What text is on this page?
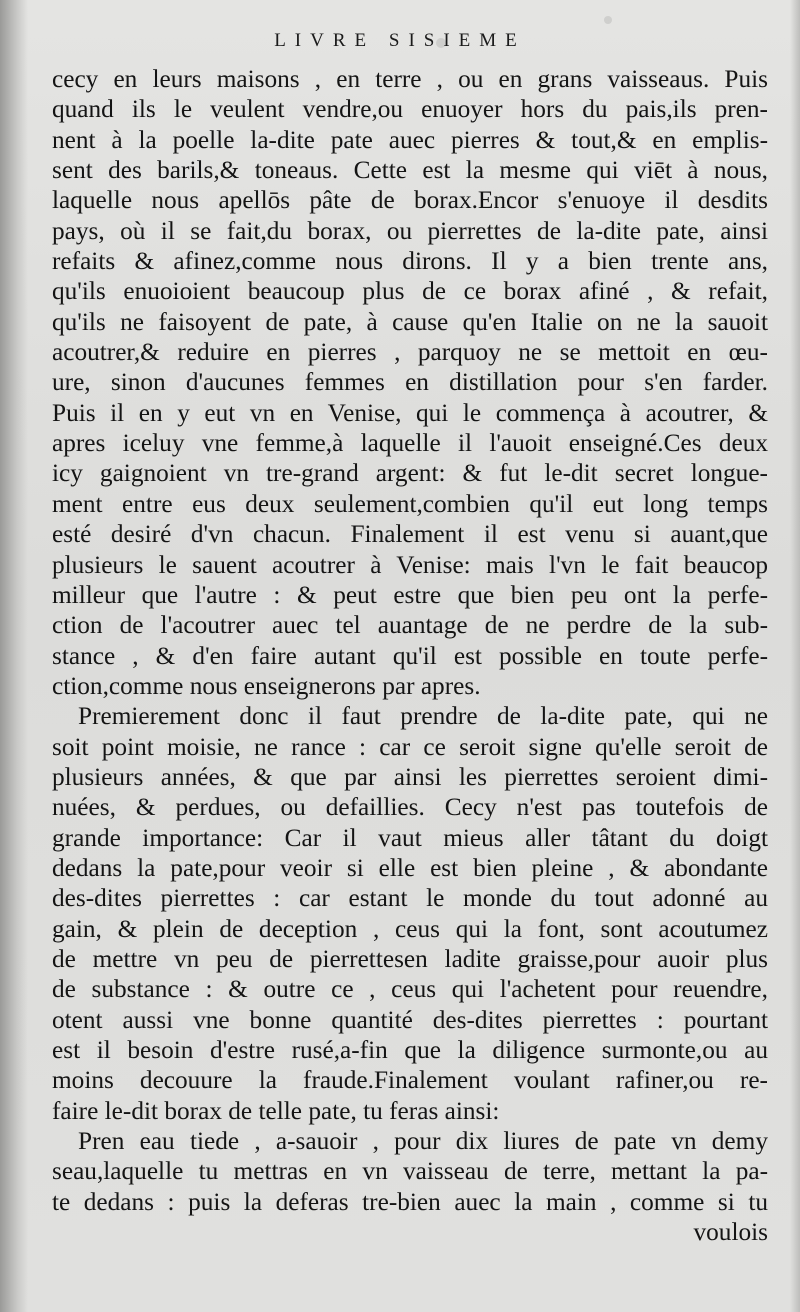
LIVRE SISIEME
cecy en leurs maisons , en terre , ou en grans vaisseaus. Puis
quand ils le veulent vendre,ou enuoyer hors du pais,ils pren-
nent à la poelle la-dite pate auec pierres & tout,& en emplis-
sent des barils,& toneaus. Cette est la mesme qui viēt à nous,
laquelle nous apellōs pâte de borax.Encor s'enuoye il desdits
pays, où il se fait,du borax, ou pierrettes de la-dite pate, ainsi
refaits & afinez,comme nous dirons. Il y a bien trente ans,
qu'ils enuoioient beaucoup plus de ce borax afiné , & refait,
qu'ils ne faisoyent de pate, à cause qu'en Italie on ne la sauoit
acoutrer,& reduire en pierres , parquoy ne se mettoit en œu-
ure, sinon d'aucunes femmes en distillation pour s'en farder.
Puis il en y eut vn en Venise, qui le commença à acoutrer, &
apres iceluy vne femme,à laquelle il l'auoit enseigné.Ces deux
icy gaignoient vn tre-grand argent: & fut le-dit secret longue-
ment entre eus deux seulement,combien qu'il eut long temps
esté desiré d'vn chacun. Finalement il est venu si auant,que
plusieurs le sauent acoutrer à Venise: mais l'vn le fait beaucop
milleur que l'autre : & peut estre que bien peu ont la perfe-
ction de l'acoutrer auec tel auantage de ne perdre de la sub-
stance , & d'en faire autant qu'il est possible en toute perfe-
ction,comme nous enseignerons par apres.
Premierement donc il faut prendre de la-dite pate, qui ne
soit point moisie, ne rance : car ce seroit signe qu'elle seroit de
plusieurs années, & que par ainsi les pierrettes seroient dimi-
nuées, & perdues, ou defaillies. Cecy n'est pas toutefois de
grande importance: Car il vaut mieus aller tâtant du doigt
dedans la pate,pour veoir si elle est bien pleine , & abondante
des-dites pierrettes : car estant le monde du tout adonné au
gain, & plein de deception , ceus qui la font, sont acoutumez
de mettre vn peu de pierrettesen ladite graisse,pour auoir plus
de substance : & outre ce , ceus qui l'achetent pour reuendre,
otent aussi vne bonne quantité des-dites pierrettes : pourtant
est il besoin d'estre rusé,a-fin que la diligence surmonte,ou au
moins decouure la fraude.Finalement voulant rafiner,ou re-
faire le-dit borax de telle pate, tu feras ainsi:
Pren eau tiede , a-sauoir , pour dix liures de pate vn demy
seau,laquelle tu mettras en vn vaisseau de terre, mettant la pa-
te dedans : puis la deferas tre-bien auec la main , comme si tu
voulois
